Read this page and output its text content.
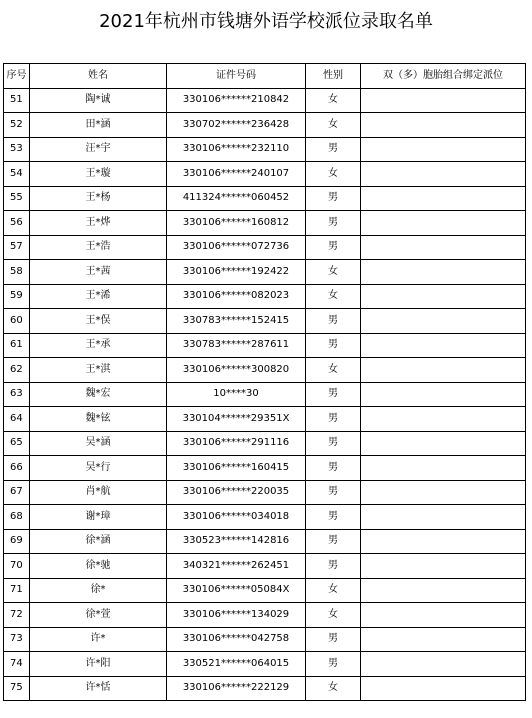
2021年杭州市钱塘外语学校派位录取名单
序号	姓名	证件号码	性别	双（多）胞胎组合绑定派位
51	陶*诚	330106******210842	女	
52	田*涵	330702******236428	女	
53	汪*宇	330106******232110	男	
54	王*璇	330106******240107	女	
55	王*杨	411324******060452	男	
56	王*烨	330106******160812	男	
57	王*浩	330106******072736	男	
58	王*茜	330106******192422	女	
59	王*浠	330106******082023	女	
60	王*俣	330783******152415	男	
61	王*承	330783******287611	男	
62	王*淇	330106******300820	女	
63	魏*宏	10****30	男	
64	魏*铉	330104******29351X	男	
65	吴*涵	330106******291116	男	
66	吴*行	330106******160415	男	
67	肖*航	330106******220035	男	
68	谢*璋	330106******034018	男	
69	徐*涵	330523******142816	男	
70	徐*驰	340321******262451	男	
71	徐*	330106******05084X	女	
72	徐*萱	330106******134029	女	
73	许*	330106******042758	男	
74	许*阳	330521******064015	男	
75	许*恬	330106******222129	女	
